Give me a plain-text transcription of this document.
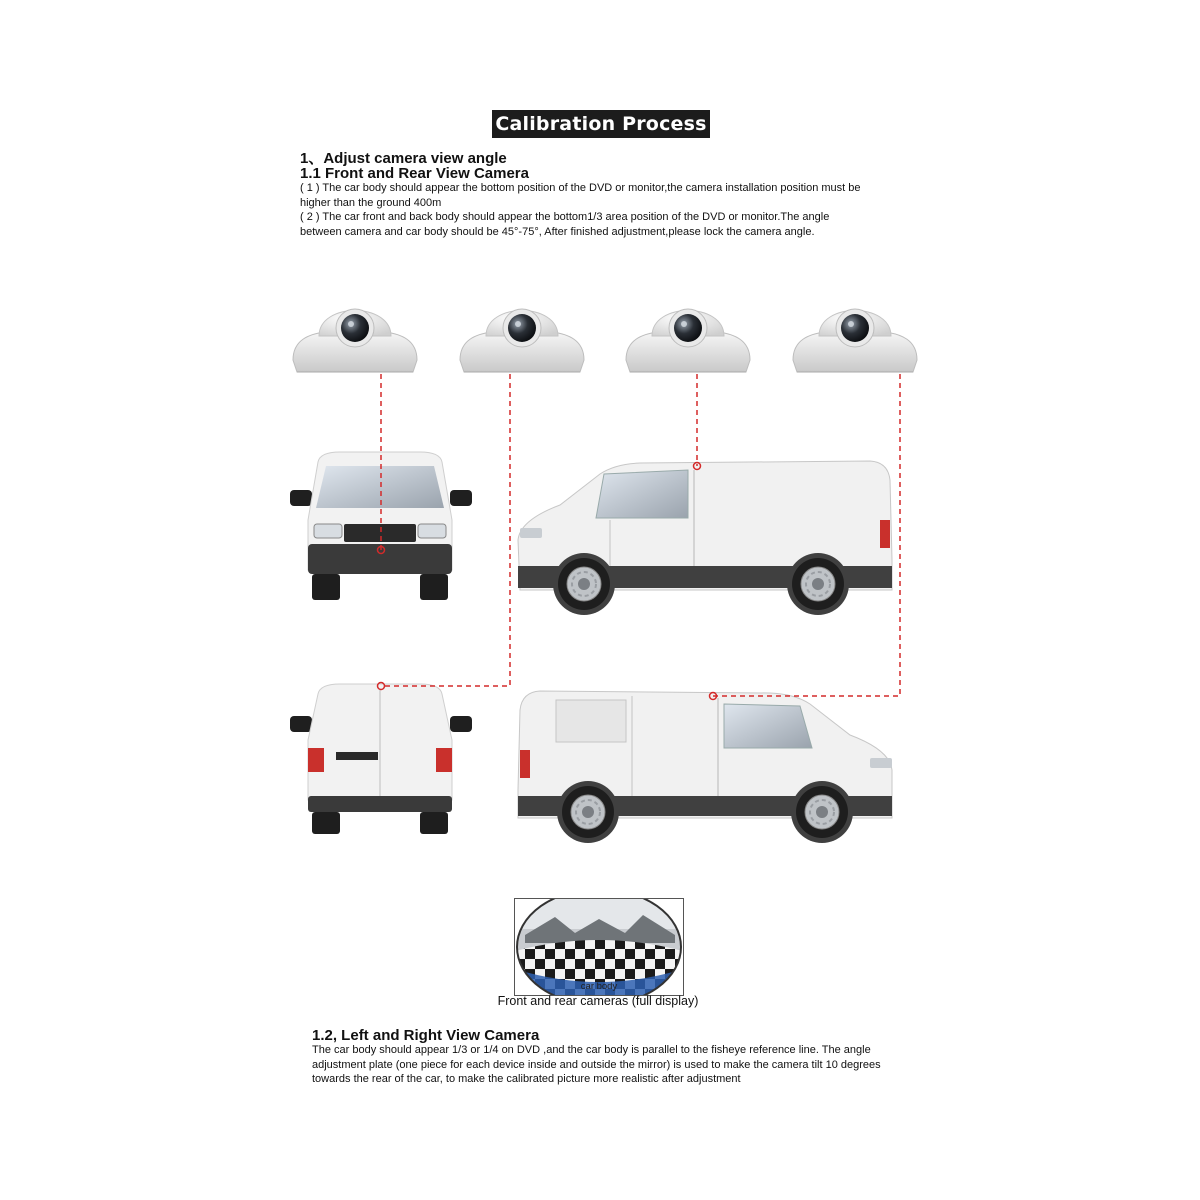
Calibration Process

1、Adjust camera view angle

1.1 Front and Rear View Camera

( 1 ) The car body should appear the bottom position of the DVD or monitor,the camera installation position must be

higher than the ground 400m

( 2 ) The car front and back body should appear the bottom1/3 area position of the DVD or monitor.The angle

between camera and car body should be 45°-75°, After finished adjustment,please lock the camera angle.

car body
Front and rear cameras (full display)

1.2, Left and Right View Camera

The car body should appear 1/3 or 1/4 on DVD ,and the car body is parallel to the fisheye reference line. The angle

adjustment plate (one piece for each device inside and outside the mirror) is used to make the camera tilt 10 degrees

towards the rear of the car, to make the calibrated picture more realistic after adjustment
